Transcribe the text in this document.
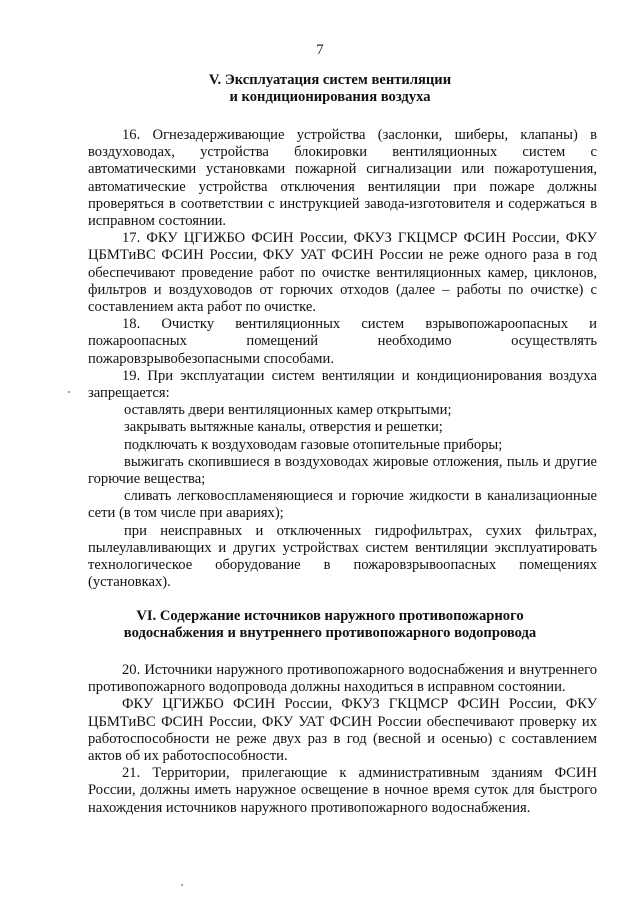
7
V. Эксплуатация систем вентиляции
и кондиционирования воздуха

16. Огнезадерживающие устройства (заслонки, шиберы, клапаны) в воздуховодах, устройства блокировки вентиляционных систем с автоматическими установками пожарной сигнализации или пожаротушения, автоматические устройства отключения вентиляции при пожаре должны проверяться в соответствии с инструкцией завода-изготовителя и содержаться в исправном состоянии.

17. ФКУ ЦГИЖБО ФСИН России, ФКУЗ ГКЦМСР ФСИН России, ФКУ ЦБМТиВС ФСИН России, ФКУ УАТ ФСИН России не реже одного раза в год обеспечивают проведение работ по очистке вентиляционных камер, циклонов, фильтров и воздуховодов от горючих отходов (далее – работы по очистке) с составлением акта работ по очистке.

18. Очистку вентиляционных систем взрывопожароопасных и пожароопасных помещений необходимо осуществлять пожаровзрывобезопасными способами.

19. При эксплуатации систем вентиляции и кондиционирования воздуха запрещается:

оставлять двери вентиляционных камер открытыми;

закрывать вытяжные каналы, отверстия и решетки;

подключать к воздуховодам газовые отопительные приборы;

выжигать скопившиеся в воздуховодах жировые отложения, пыль и другие горючие вещества;

сливать легковоспламеняющиеся и горючие жидкости в канализационные сети (в том числе при авариях);

при неисправных и отключенных гидрофильтрах, сухих фильтрах, пылеулавливающих и других устройствах систем вентиляции эксплуатировать технологическое оборудование в пожаровзрывоопасных помещениях (установках).

VI. Содержание источников наружного противопожарного
водоснабжения и внутреннего противопожарного водопровода

20. Источники наружного противопожарного водоснабжения и внутреннего противопожарного водопровода должны находиться в исправном состоянии.

ФКУ ЦГИЖБО ФСИН России, ФКУЗ ГКЦМСР ФСИН России, ФКУ ЦБМТиВС ФСИН России, ФКУ УАТ ФСИН России обеспечивают проверку их работоспособности не реже двух раз в год (весной и осенью) с составлением актов об их работоспособности.

21. Территории, прилегающие к административным зданиям ФСИН России, должны иметь наружное освещение в ночное время суток для быстрого нахождения источников наружного противопожарного водоснабжения.
